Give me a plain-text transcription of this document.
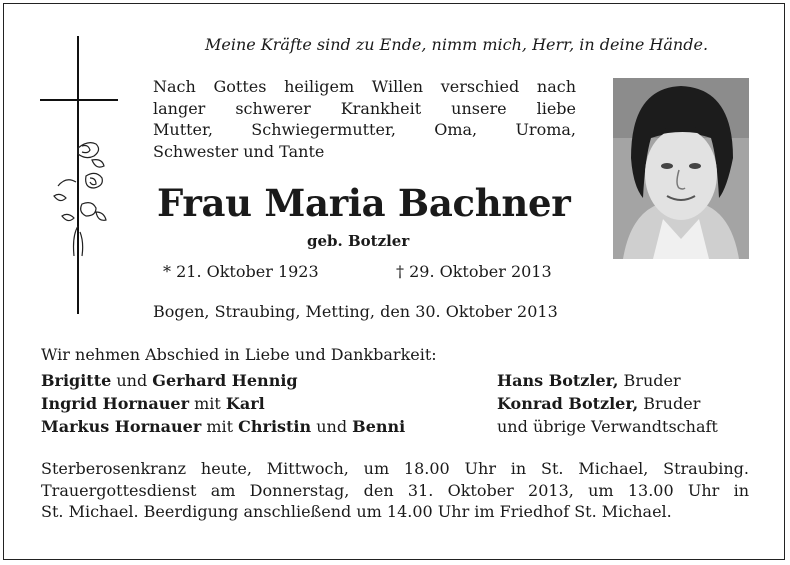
Meine Kräfte sind zu Ende, nimm mich, Herr, in deine Hände.
Nach Gottes heiligem Willen verschied nach
langer schwerer Krankheit unsere liebe
Mutter, Schwiegermutter, Oma, Uroma,
Schwester und Tante
Frau Maria Bachner
geb. Botzler
* 21. Oktober 1923	† 29. Oktober 2013
Bogen, Straubing, Metting, den 30. Oktober 2013
Wir nehmen Abschied in Liebe und Dankbarkeit:
Brigitte und Gerhard Hennig
Ingrid Hornauer mit Karl
Markus Hornauer mit Christin und Benni
Hans Botzler, Bruder
Konrad Botzler, Bruder
und übrige Verwandtschaft
Sterberosenkranz heute, Mittwoch, um 18.00 Uhr in St. Michael, Straubing.
Trauergottesdienst am Donnerstag, den 31. Oktober 2013, um 13.00 Uhr in
St. Michael. Beerdigung anschließend um 14.00 Uhr im Friedhof St. Michael.
